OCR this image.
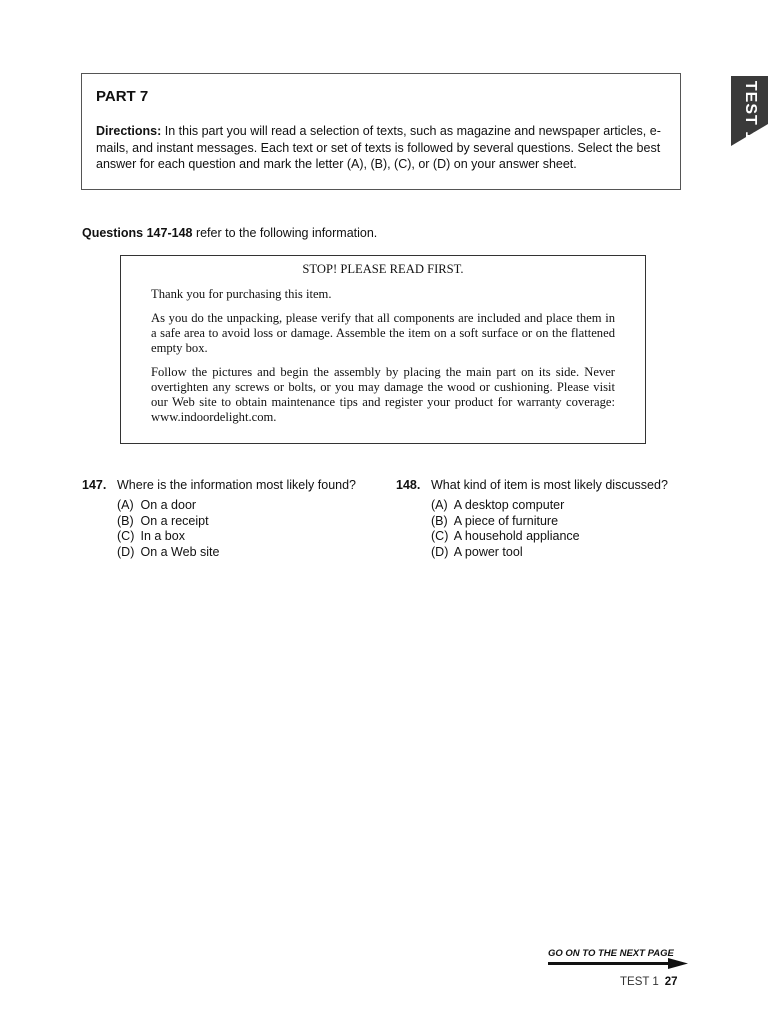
PART 7

Directions: In this part you will read a selection of texts, such as magazine and newspaper articles, e-mails, and instant messages. Each text or set of texts is followed by several questions. Select the best answer for each question and mark the letter (A), (B), (C), or (D) on your answer sheet.

TEST 1
Questions 147-148 refer to the following information.

STOP! PLEASE READ FIRST.

Thank you for purchasing this item.

As you do the unpacking, please verify that all components are included and place them in a safe area to avoid loss or damage. Assemble the item on a soft surface or on the flattened empty box.

Follow the pictures and begin the assembly by placing the main part on its side. Never overtighten any screws or bolts, or you may damage the wood or cushioning. Please visit our Web site to obtain maintenance tips and register your product for warranty coverage: www.indoordelight.com.

147. Where is the information most likely found?
(A) On a door
(B) On a receipt
(C) In a box
(D) On a Web site
148. What kind of item is most likely discussed?
(A) A desktop computer
(B) A piece of furniture
(C) A household appliance
(D) A power tool
GO ON TO THE NEXT PAGE
TEST 1 27
